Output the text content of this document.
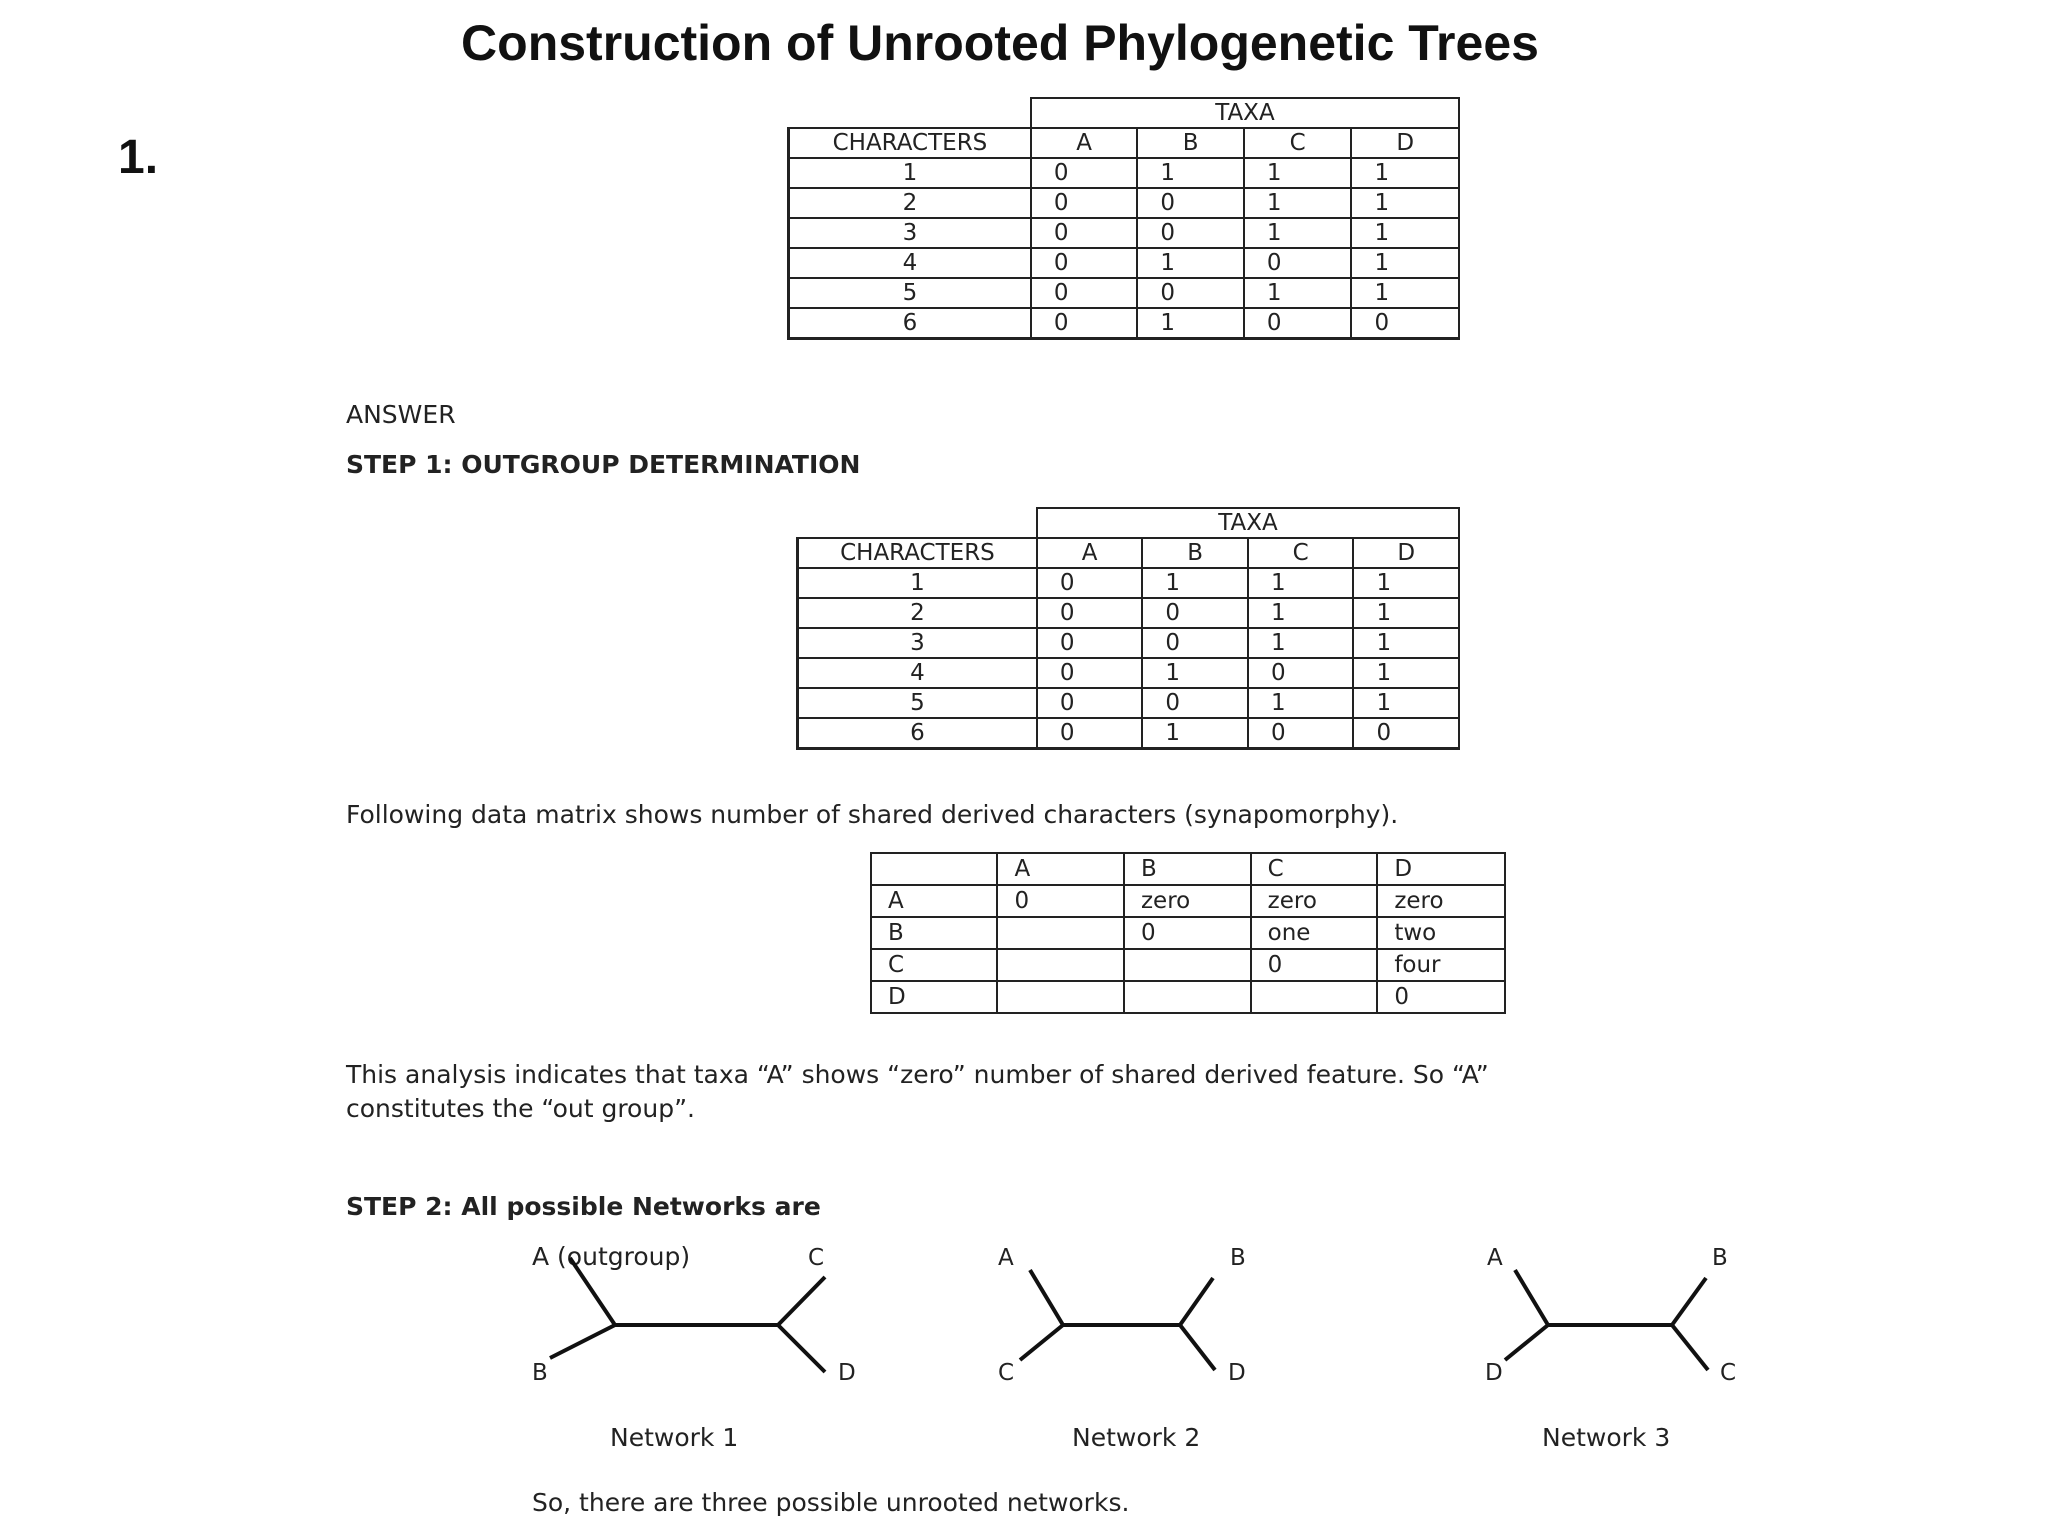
Construction of Unrooted Phylogenetic Trees
1.
	TAXA			
CHARACTERS	A	B	C	D
1	0	1	1	1
2	0	0	1	1
3	0	0	1	1
4	0	1	0	1
5	0	0	1	1
6	0	1	0	0
ANSWER
STEP 1: OUTGROUP DETERMINATION
	TAXA			
CHARACTERS	A	B	C	D
1	0	1	1	1
2	0	0	1	1
3	0	0	1	1
4	0	1	0	1
5	0	0	1	1
6	0	1	0	0
Following data matrix shows number of shared derived characters (synapomorphy).
	A	B	C	D
A	0	zero	zero	zero
B		0	one	two
C			0	four
D				0
This analysis indicates that taxa “A” shows “zero” number of shared derived feature. So “A”
constitutes the “out group”.
STEP 2: All possible Networks are
A (outgroup)	C
B	D
Network 1
A	B
C	D
Network 2
A	B
D	C
Network 3
So, there are three possible unrooted networks.
